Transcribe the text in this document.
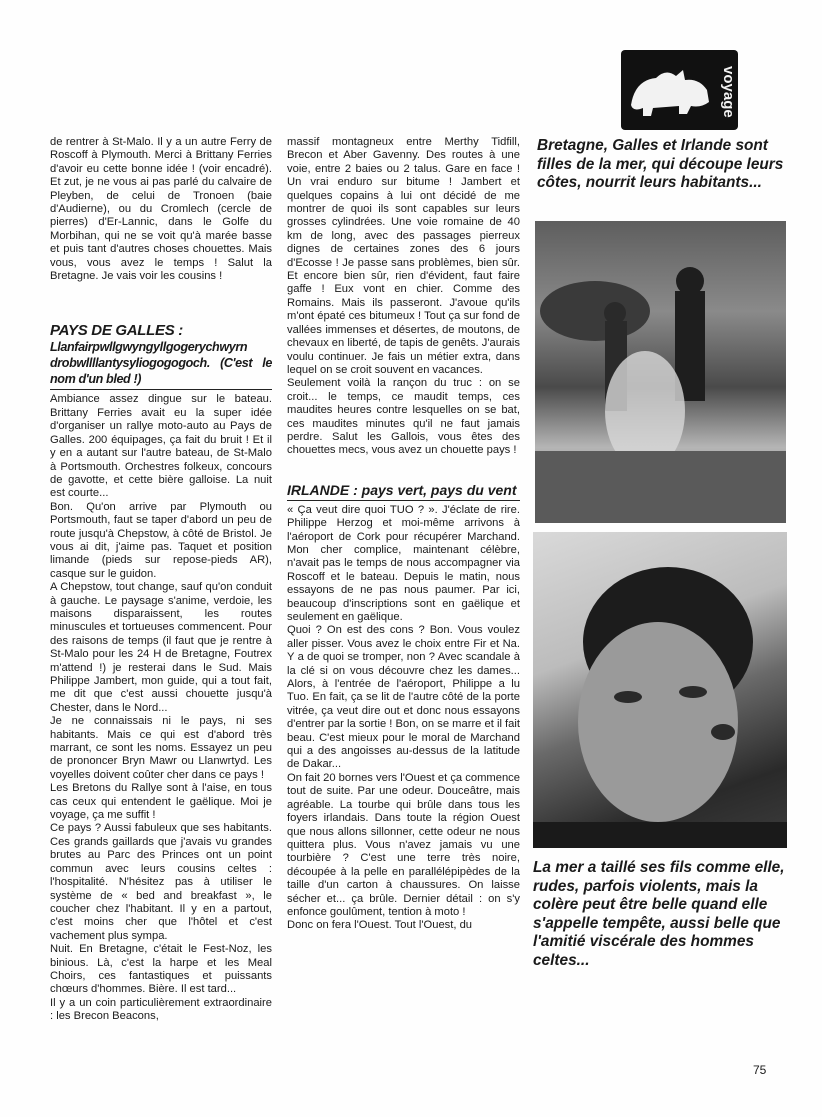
voyage

de rentrer à St-Malo. Il y a un autre Ferry de Roscoff à Plymouth. Merci à Brittany Ferries d'avoir eu cette bonne idée ! (voir encadré). Et zut, je ne vous ai pas parlé du calvaire de Pleyben, de celui de Tronoen (baie d'Audierne), ou du Cromlech (cercle de pierres) d'Er-Lannic, dans le Golfe du Morbihan, qui ne se voit qu'à marée basse et puis tant d'autres choses chouettes. Mais vous, vous avez le temps ! Salut la Bretagne. Je vais voir les cousins !

PAYS DE GALLES :
Llanfairpwllgwyngyllgogerychwyrn drobwllllantysyliogogogoch. (C'est le nom d'un bled !)

Ambiance assez dingue sur le bateau. Brittany Ferries avait eu la super idée d'organiser un rallye moto-auto au Pays de Galles. 200 équipages, ça fait du bruit ! Et il y en a autant sur l'autre bateau, de St-Malo à Portsmouth. Orchestres folkeux, concours de gavotte, et cette bière galloise. La nuit est courte...

Bon. Qu'on arrive par Plymouth ou Portsmouth, faut se taper d'abord un peu de route jusqu'à Chepstow, à côté de Bristol. Je vous ai dit, j'aime pas. Taquet et position limande (pieds sur repose-pieds AR), casque sur le guidon.

A Chepstow, tout change, sauf qu'on conduit à gauche. Le paysage s'anime, verdoie, les maisons disparaissent, les routes minuscules et tortueuses commencent. Pour des raisons de temps (il faut que je rentre à St-Malo pour les 24 H de Bretagne, Foutrex m'attend !) je resterai dans le Sud. Mais Philippe Jambert, mon guide, qui a tout fait, me dit que c'est aussi chouette jusqu'à Chester, dans le Nord...

Je ne connaissais ni le pays, ni ses habitants. Mais ce qui est d'abord très marrant, ce sont les noms. Essayez un peu de prononcer Bryn Mawr ou Llanwrtyd. Les voyelles doivent coûter cher dans ce pays !

Les Bretons du Rallye sont à l'aise, en tous cas ceux qui entendent le gaëlique. Moi je voyage, ça me suffit !

Ce pays ? Aussi fabuleux que ses habitants. Ces grands gaillards que j'avais vu grandes brutes au Parc des Princes ont un point commun avec leurs cousins celtes : l'hospitalité. N'hésitez pas à utiliser le système de « bed and breakfast », le coucher chez l'habitant. Il y en a partout, c'est moins cher que l'hôtel et c'est vachement plus sympa.

Nuit. En Bretagne, c'était le Fest-Noz, les binious. Là, c'est la harpe et les Meal Choirs, ces fantastiques et puissants chœurs d'hommes. Bière. Il est tard...

Il y a un coin particulièrement extraordinaire : les Brecon Beacons,

massif montagneux entre Merthy Tidfill, Brecon et Aber Gavenny. Des routes à une voie, entre 2 baies ou 2 talus. Gare en face ! Un vrai enduro sur bitume ! Jambert et quelques copains à lui ont décidé de me montrer de quoi ils sont capables sur leurs grosses cylindrées. Une voie romaine de 40 km de long, avec des passages pierreux dignes de certaines zones des 6 jours d'Ecosse ! Je passe sans problèmes, bien sûr. Et encore bien sûr, rien d'évident, faut faire gaffe ! Eux vont en chier. Comme des Romains. Mais ils passeront. J'avoue qu'ils m'ont épaté ces bitumeux ! Tout ça sur fond de vallées immenses et désertes, de moutons, de chevaux en liberté, de tapis de genêts. J'aurais voulu continuer. Je fais un métier extra, dans lequel on se croit souvent en vacances.

Seulement voilà la rançon du truc : on se croit... le temps, ce maudit temps, ces maudites heures contre lesquelles on se bat, ces maudites minutes qu'il ne faut jamais perdre. Salut les Gallois, vous êtes des chouettes mecs, vous avez un chouette pays !

IRLANDE : pays vert, pays du vent

« Ça veut dire quoi TUO ? ». J'éclate de rire. Philippe Herzog et moi-même arrivons à l'aéroport de Cork pour récupérer Marchand. Mon cher complice, maintenant célèbre, n'avait pas le temps de nous accompagner via Roscoff et le bateau. Depuis le matin, nous essayons de ne pas nous paumer. Par ici, beaucoup d'inscriptions sont en gaëlique et seulement en gaëlique.

Quoi ? On est des cons ? Bon. Vous voulez aller pisser. Vous avez le choix entre Fir et Na. Y a de quoi se tromper, non ? Avec scandale à la clé si on vous découvre chez les dames... Alors, à l'entrée de l'aéroport, Philippe a lu Tuo. En fait, ça se lit de l'autre côté de la porte vitrée, ça veut dire out et donc nous essayons d'entrer par la sortie ! Bon, on se marre et il fait beau. C'est mieux pour le moral de Marchand qui a des angoisses au-dessus de la latitude de Dakar...

On fait 20 bornes vers l'Ouest et ça commence tout de suite. Par une odeur. Douceâtre, mais agréable. La tourbe qui brûle dans tous les foyers irlandais. Dans toute la région Ouest que nous allons sillonner, cette odeur ne nous quittera plus. Vous n'avez jamais vu une tourbière ? C'est une terre très noire, découpée à la pelle en parallélépipèdes de la taille d'un carton à chaussures. On laisse sécher et... ça brûle. Dernier détail : on s'y enfonce goulûment, tention à moto !

Donc on fera l'Ouest. Tout l'Ouest, du

Bretagne, Galles et Irlande sont filles de la mer, qui découpe leurs côtes, nourrit leurs habitants...
La mer a taillé ses fils comme elle, rudes, parfois violents, mais la colère peut être belle quand elle s'appelle tempête, aussi belle que l'amitié viscérale des hommes celtes...
75
